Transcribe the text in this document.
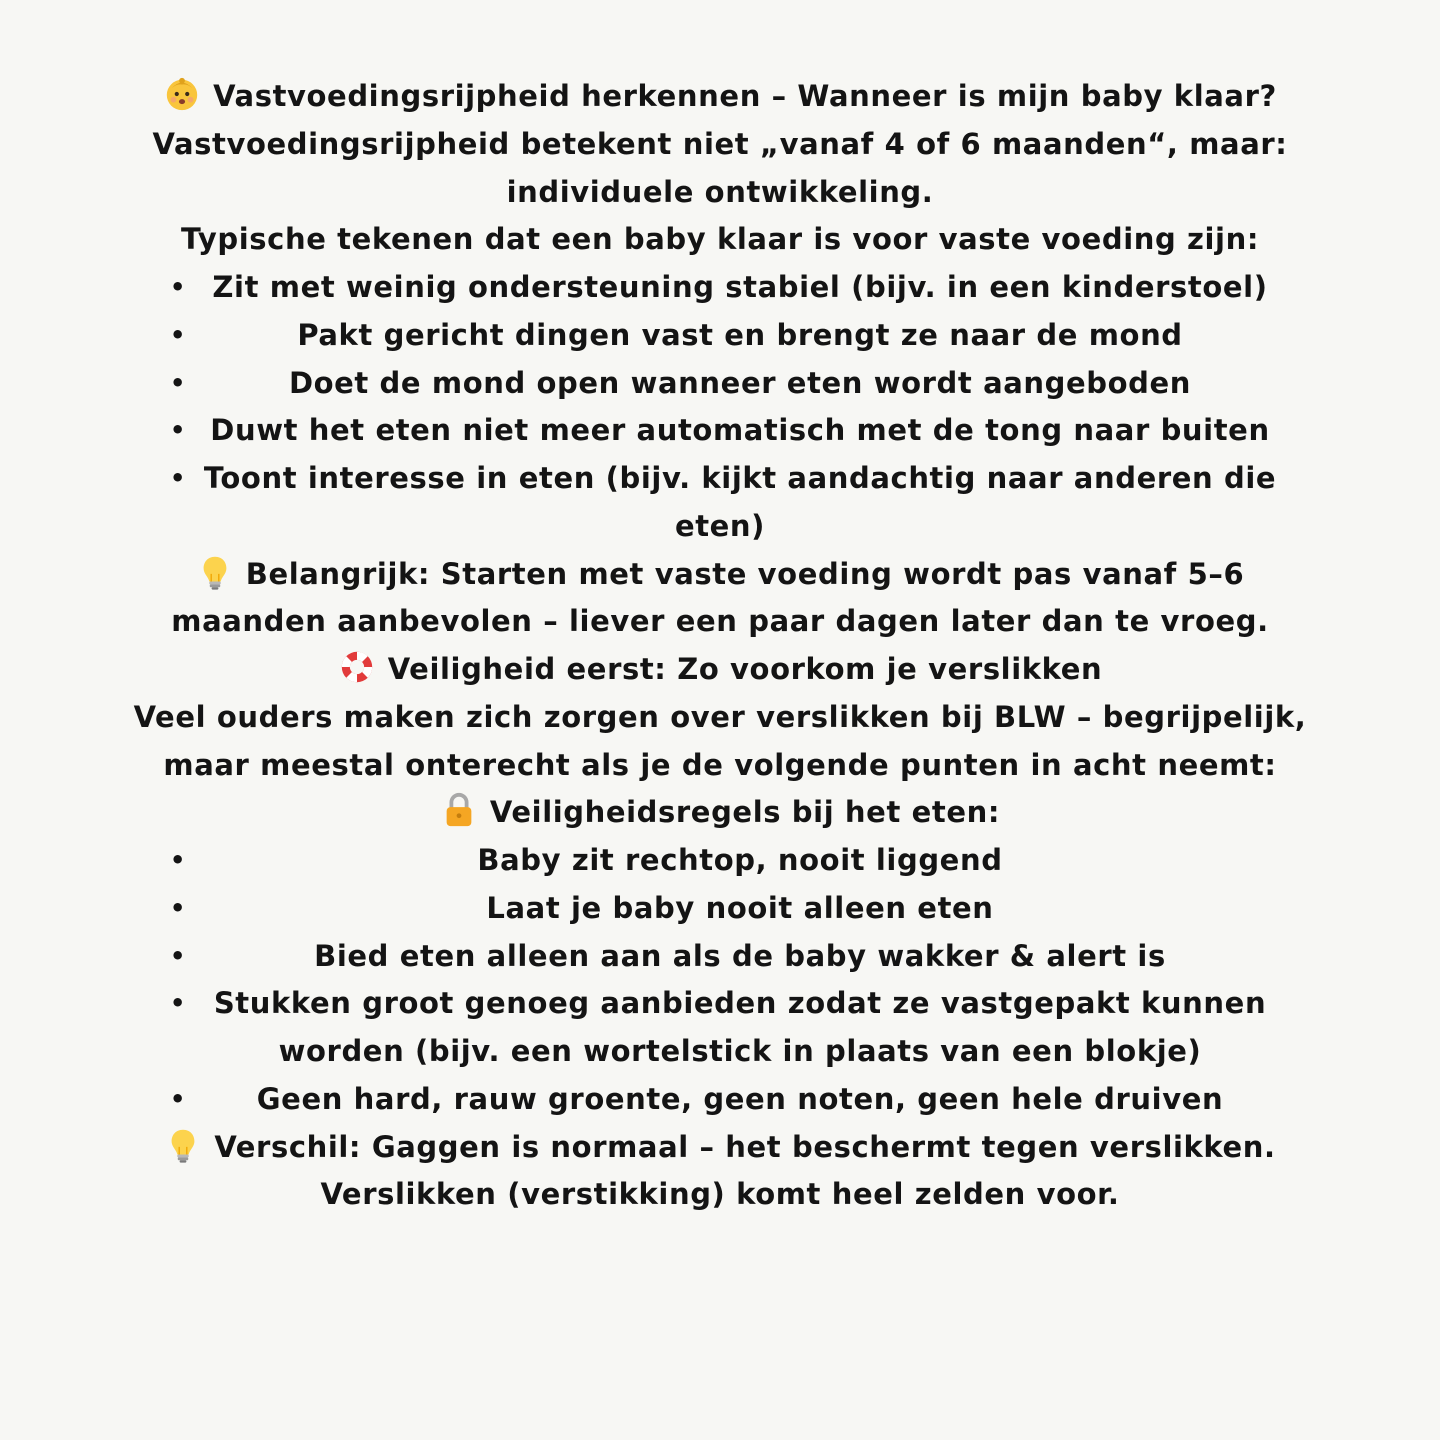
Vastvoedingsrijpheid herkennen – Wanneer is mijn baby klaar?
Vastvoedingsrijpheid betekent niet „vanaf 4 of 6 maanden“, maar:
individuele ontwikkeling.
Typische tekenen dat een baby klaar is voor vaste voeding zijn:
• Zit met weinig ondersteuning stabiel (bijv. in een kinderstoel)
•	Pakt gericht dingen vast en brengt ze naar de mond
•	Doet de mond open wanneer eten wordt aangeboden
• Duwt het eten niet meer automatisch met de tong naar buiten
• Toont interesse in eten (bijv. kijkt aandachtig naar anderen die
eten)
Belangrijk: Starten met vaste voeding wordt pas vanaf 5–6
maanden aanbevolen – liever een paar dagen later dan te vroeg.
Veiligheid eerst: Zo voorkom je verslikken
Veel ouders maken zich zorgen over verslikken bij BLW – begrijpelijk,
maar meestal onterecht als je de volgende punten in acht neemt:
Veiligheidsregels bij het eten:
•	Baby zit rechtop, nooit liggend
•	Laat je baby nooit alleen eten
•	Bied eten alleen aan als de baby wakker & alert is
• Stukken groot genoeg aanbieden zodat ze vastgepakt kunnen
worden (bijv. een wortelstick in plaats van een blokje)
• Geen hard, rauw groente, geen noten, geen hele druiven
Verschil: Gaggen is normaal – het beschermt tegen verslikken.
Verslikken (verstikking) komt heel zelden voor.
